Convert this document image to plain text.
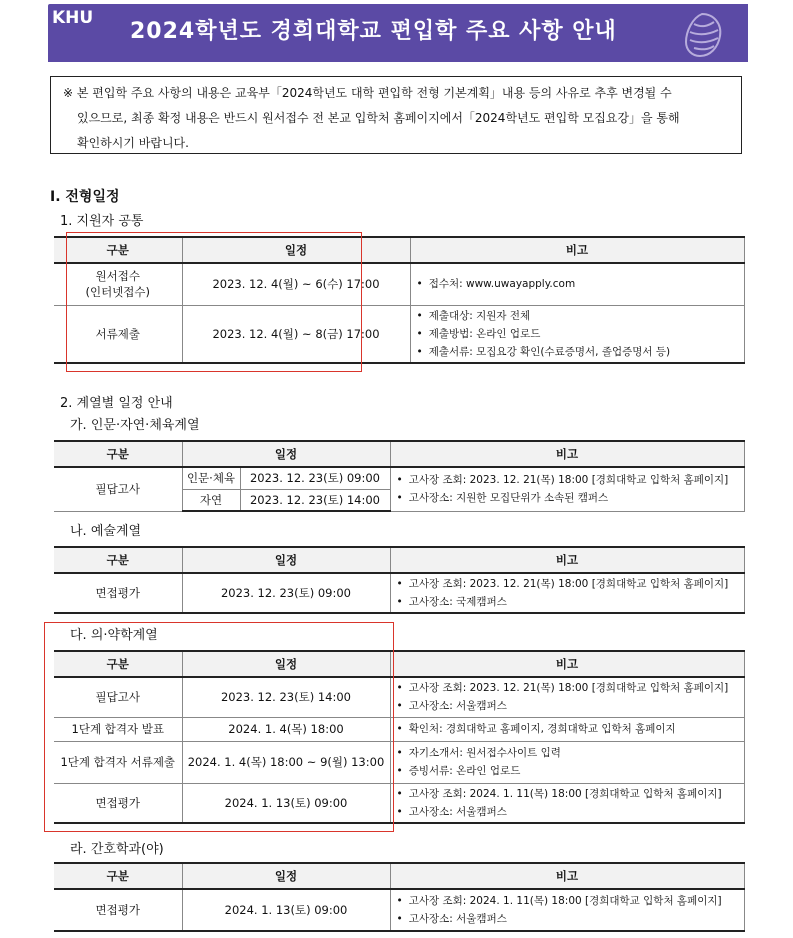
KHU
2024학년도 경희대학교 편입학 주요 사항 안내

※ 본 편입학 주요 사항의 내용은 교육부「2024학년도 대학 편입학 전형 기본계획」내용 등의 사유로 추후 변경될 수

있으므로, 최종 확정 내용은 반드시 원서접수 전 본교 입학처 홈페이지에서「2024학년도 편입학 모집요강」을 통해

확인하시기 바랍니다.

Ⅰ. 전형일정
1. 지원자 공통
구분	일정	비고

원서접수
(인터넷접수)	2023. 12. 4(월) ~ 6(수) 17:00	• 접수처: www.uwayapply.com

서류제출	2023. 12. 4(월) ~ 8(금) 17:00	• 제출대상: 지원자 전체
• 제출방법: 온라인 업로드
• 제출서류: 모집요강 확인(수료증명서, 졸업증명서 등)
2. 계열별 일정 안내
가. 인문·자연·체육계열
구분	일정		비고
필답고사	인문·체육	2023. 12. 23(토) 09:00	• 고사장 조회: 2023. 12. 21(목) 18:00 [경희대학교 입학처 홈페이지]
• 고사장소: 지원한 모집단위가 소속된 캠퍼스

	자연	2023. 12. 23(토) 14:00	
나. 예술계열
구분	일정	비고
면접평가	2023. 12. 23(토) 09:00	• 고사장 조회: 2023. 12. 21(목) 18:00 [경희대학교 입학처 홈페이지]
• 고사장소: 국제캠퍼스
다. 의·약학계열
구분	일정	비고
필답고사	2023. 12. 23(토) 14:00	• 고사장 조회: 2023. 12. 21(목) 18:00 [경희대학교 입학처 홈페이지]
• 고사장소: 서울캠퍼스

1단계 합격자 발표	2024. 1. 4(목) 18:00	• 확인처: 경희대학교 홈페이지, 경희대학교 입학처 홈페이지

1단계 합격자 서류제출	2024. 1. 4(목) 18:00 ~ 9(월) 13:00	• 자기소개서: 원서접수사이트 입력
• 증빙서류: 온라인 업로드

면접평가	2024. 1. 13(토) 09:00	• 고사장 조회: 2024. 1. 11(목) 18:00 [경희대학교 입학처 홈페이지]
• 고사장소: 서울캠퍼스
라. 간호학과(야)
구분	일정	비고
면접평가	2024. 1. 13(토) 09:00	• 고사장 조회: 2024. 1. 11(목) 18:00 [경희대학교 입학처 홈페이지]
• 고사장소: 서울캠퍼스
